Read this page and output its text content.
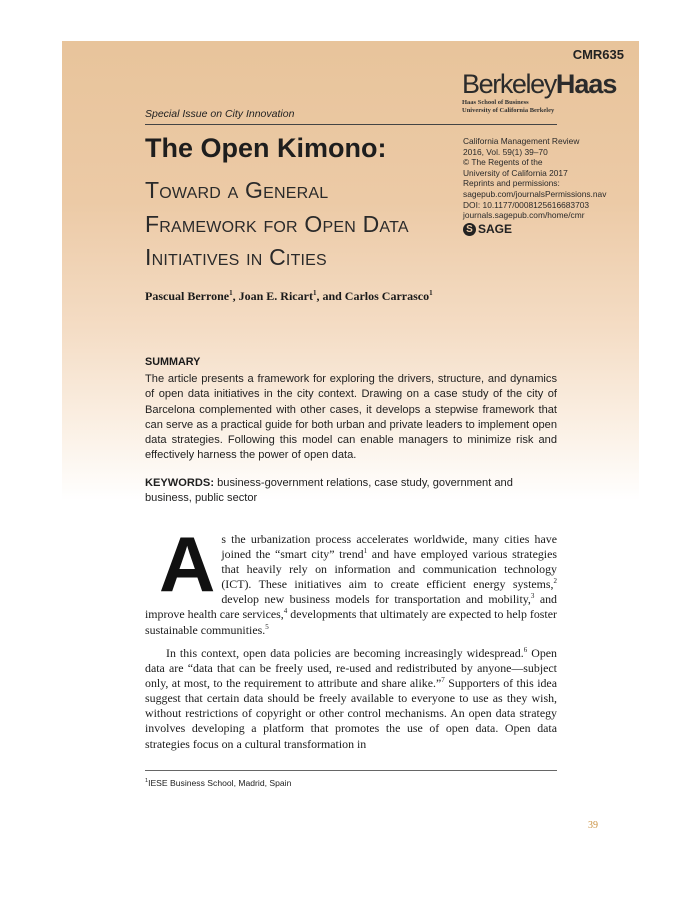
CMR635
BerkeleyHaas
Haas School of Business
University of California Berkeley
Special Issue on City Innovation
The Open Kimono:
Toward a General
Framework for Open Data
Initiatives in Cities
California Management Review
2016, Vol. 59(1) 39–70
© The Regents of the
University of California 2017
Reprints and permissions:
sagepub.com/journalsPermissions.nav
DOI: 10.1177/0008125616683703
journals.sagepub.com/home/cmr
S SAGE
Pascual Berrone$^1$, Joan E. Ricart$^1$, and Carlos Carrasco$^1$
SUMMARY
The article presents a framework for exploring the drivers, structure, and dynamics of open data initiatives in the city context. Drawing on a case study of the city of Barcelona complemented with other cases, it develops a stepwise framework that can serve as a practical guide for both urban and private leaders to implement open data strategies. Following this model can enable managers to minimize risk and effectively harness the power of open data.
KEYWORDS: business-government relations, case study, government and business, public sector
As the urbanization process accelerates worldwide, many cities have joined the “smart city” trend$^1$ and have employed various strategies that heavily rely on information and communication technology (ICT). These initiatives aim to create efficient energy systems,$^2$ develop new business models for transportation and mobility,$^3$ and improve health care services,$^4$ developments that ultimately are expected to help foster sustainable communities.$^5$
In this context, open data policies are becoming increasingly widespread.$^6$ Open data are “data that can be freely used, re-used and redistributed by anyone—subject only, at most, to the requirement to attribute and share alike.”$^7$ Supporters of this idea suggest that certain data should be freely available to everyone to use as they wish, without restrictions of copyright or other control mechanisms. An open data strategy involves developing a platform that promotes the use of open data. Open data strategies focus on a cultural transformation in
$^1$IESE Business School, Madrid, Spain
39
